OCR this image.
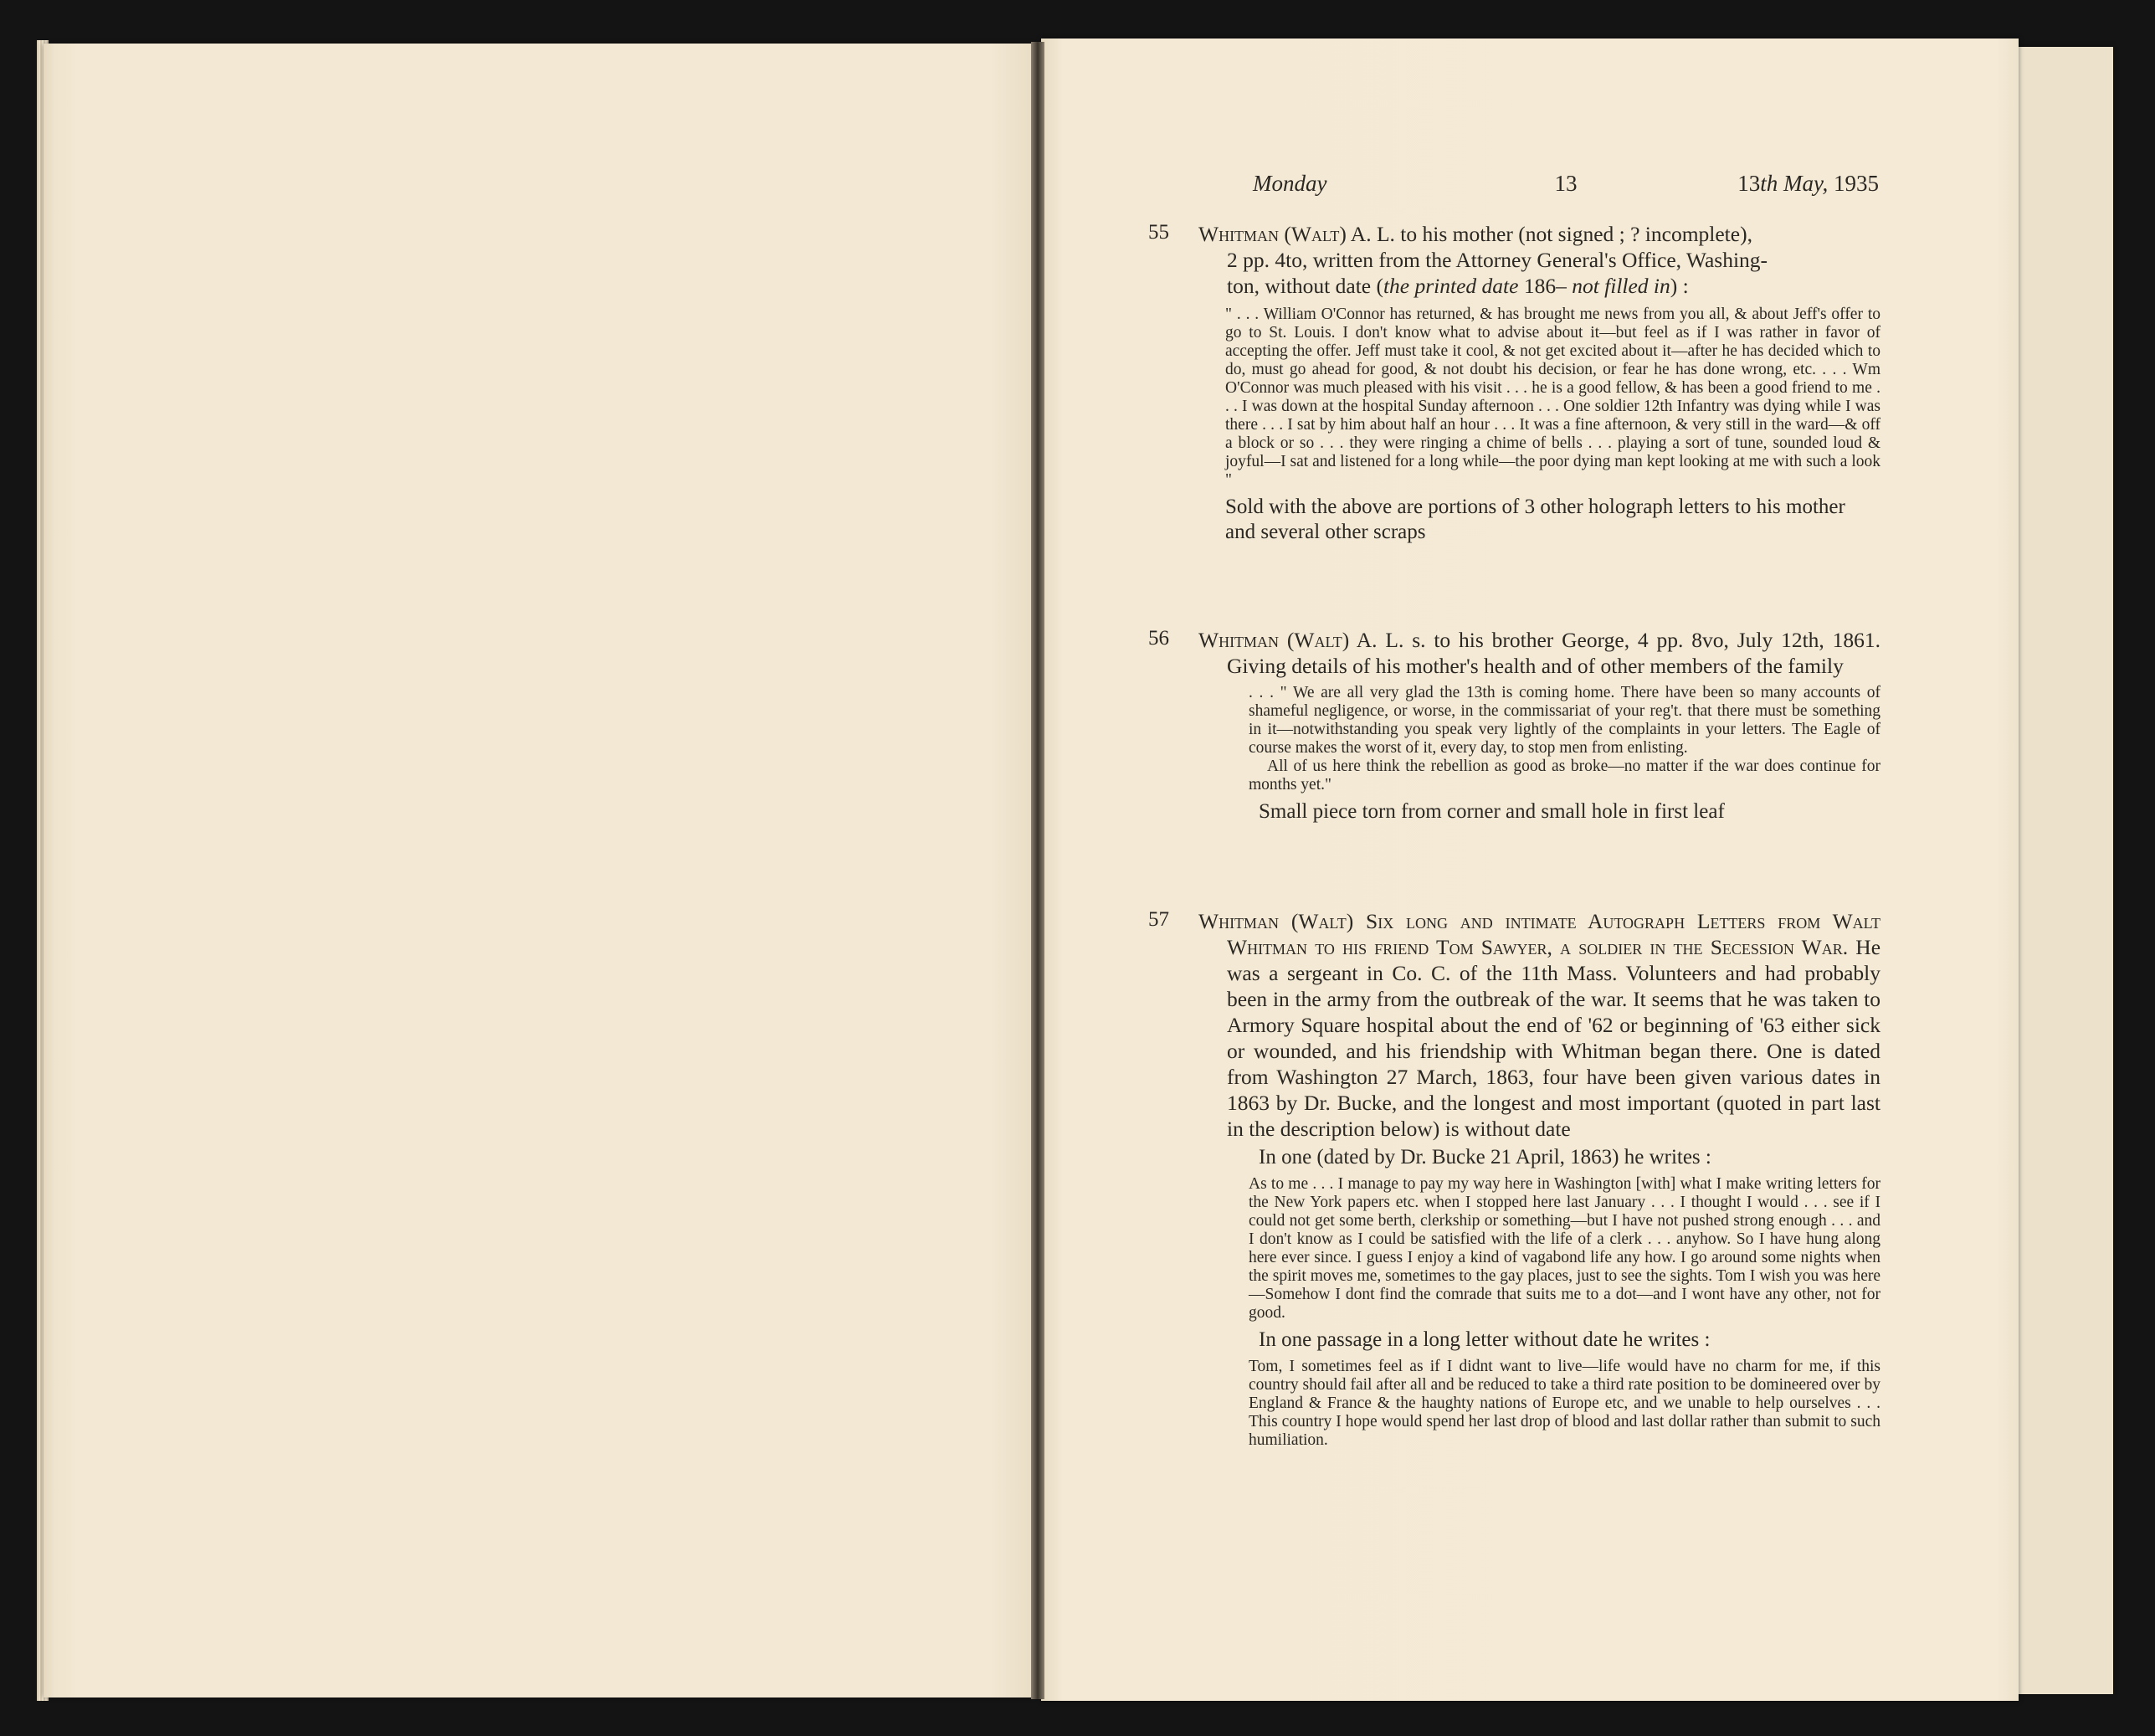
Monday	13	13th May, 1935
55	Whitman (Walt) A. L. to his mother (not signed ; ? incomplete),
2 pp. 4to, written from the Attorney General's Office, Washing-
ton, without date (the printed date 186– not filled in) :
" . . . William O'Connor has returned, & has brought me news from you all, & about Jeff's offer to go to St. Louis. I don't know what to advise about it—but feel as if I was rather in favor of accepting the offer. Jeff must take it cool, & not get excited about it—after he has decided which to do, must go ahead for good, & not doubt his decision, or fear he has done wrong, etc. . . . Wm O'Connor was much pleased with his visit . . . he is a good fellow, & has been a good friend to me . . . I was down at the hospital Sunday afternoon . . . One soldier 12th Infantry was dying while I was there . . . I sat by him about half an hour . . . It was a fine afternoon, & very still in the ward—& off a block or so . . . they were ringing a chime of bells . . . playing a sort of tune, sounded loud & joyful—I sat and listened for a long while—the poor dying man kept looking at me with such a look "
Sold with the above are portions of 3 other holograph letters to his mother and several other scraps
56	Whitman (Walt) A. L. s. to his brother George, 4 pp. 8vo, July 12th, 1861. Giving details of his mother's health and of other members of the family
. . . " We are all very glad the 13th is coming home. There have been so many accounts of shameful negligence, or worse, in the commissariat of your reg't. that there must be something in it—notwithstanding you speak very lightly of the complaints in your letters. The Eagle of course makes the worst of it, every day, to stop men from enlisting.
All of us here think the rebellion as good as broke—no matter if the war does continue for months yet."
Small piece torn from corner and small hole in first leaf
57	Whitman (Walt) Six long and intimate Autograph Letters from Walt Whitman to his friend Tom Sawyer, a soldier in the Secession War. He was a sergeant in Co. C. of the 11th Mass. Volunteers and had probably been in the army from the outbreak of the war. It seems that he was taken to Armory Square hospital about the end of '62 or beginning of '63 either sick or wounded, and his friendship with Whitman began there. One is dated from Washington 27 March, 1863, four have been given various dates in 1863 by Dr. Bucke, and the longest and most important (quoted in part last in the description below) is without date
In one (dated by Dr. Bucke 21 April, 1863) he writes :
As to me . . . I manage to pay my way here in Washington [with] what I make writing letters for the New York papers etc. when I stopped here last January . . . I thought I would . . . see if I could not get some berth, clerkship or something—but I have not pushed strong enough . . . and I don't know as I could be satisfied with the life of a clerk . . . anyhow. So I have hung along here ever since. I guess I enjoy a kind of vagabond life any how. I go around some nights when the spirit moves me, sometimes to the gay places, just to see the sights. Tom I wish you was here—Somehow I dont find the comrade that suits me to a dot—and I wont have any other, not for good.
In one passage in a long letter without date he writes :
Tom, I sometimes feel as if I didnt want to live—life would have no charm for me, if this country should fail after all and be reduced to take a third rate position to be domineered over by England & France & the haughty nations of Europe etc, and we unable to help ourselves . . . This country I hope would spend her last drop of blood and last dollar rather than submit to such humiliation.
